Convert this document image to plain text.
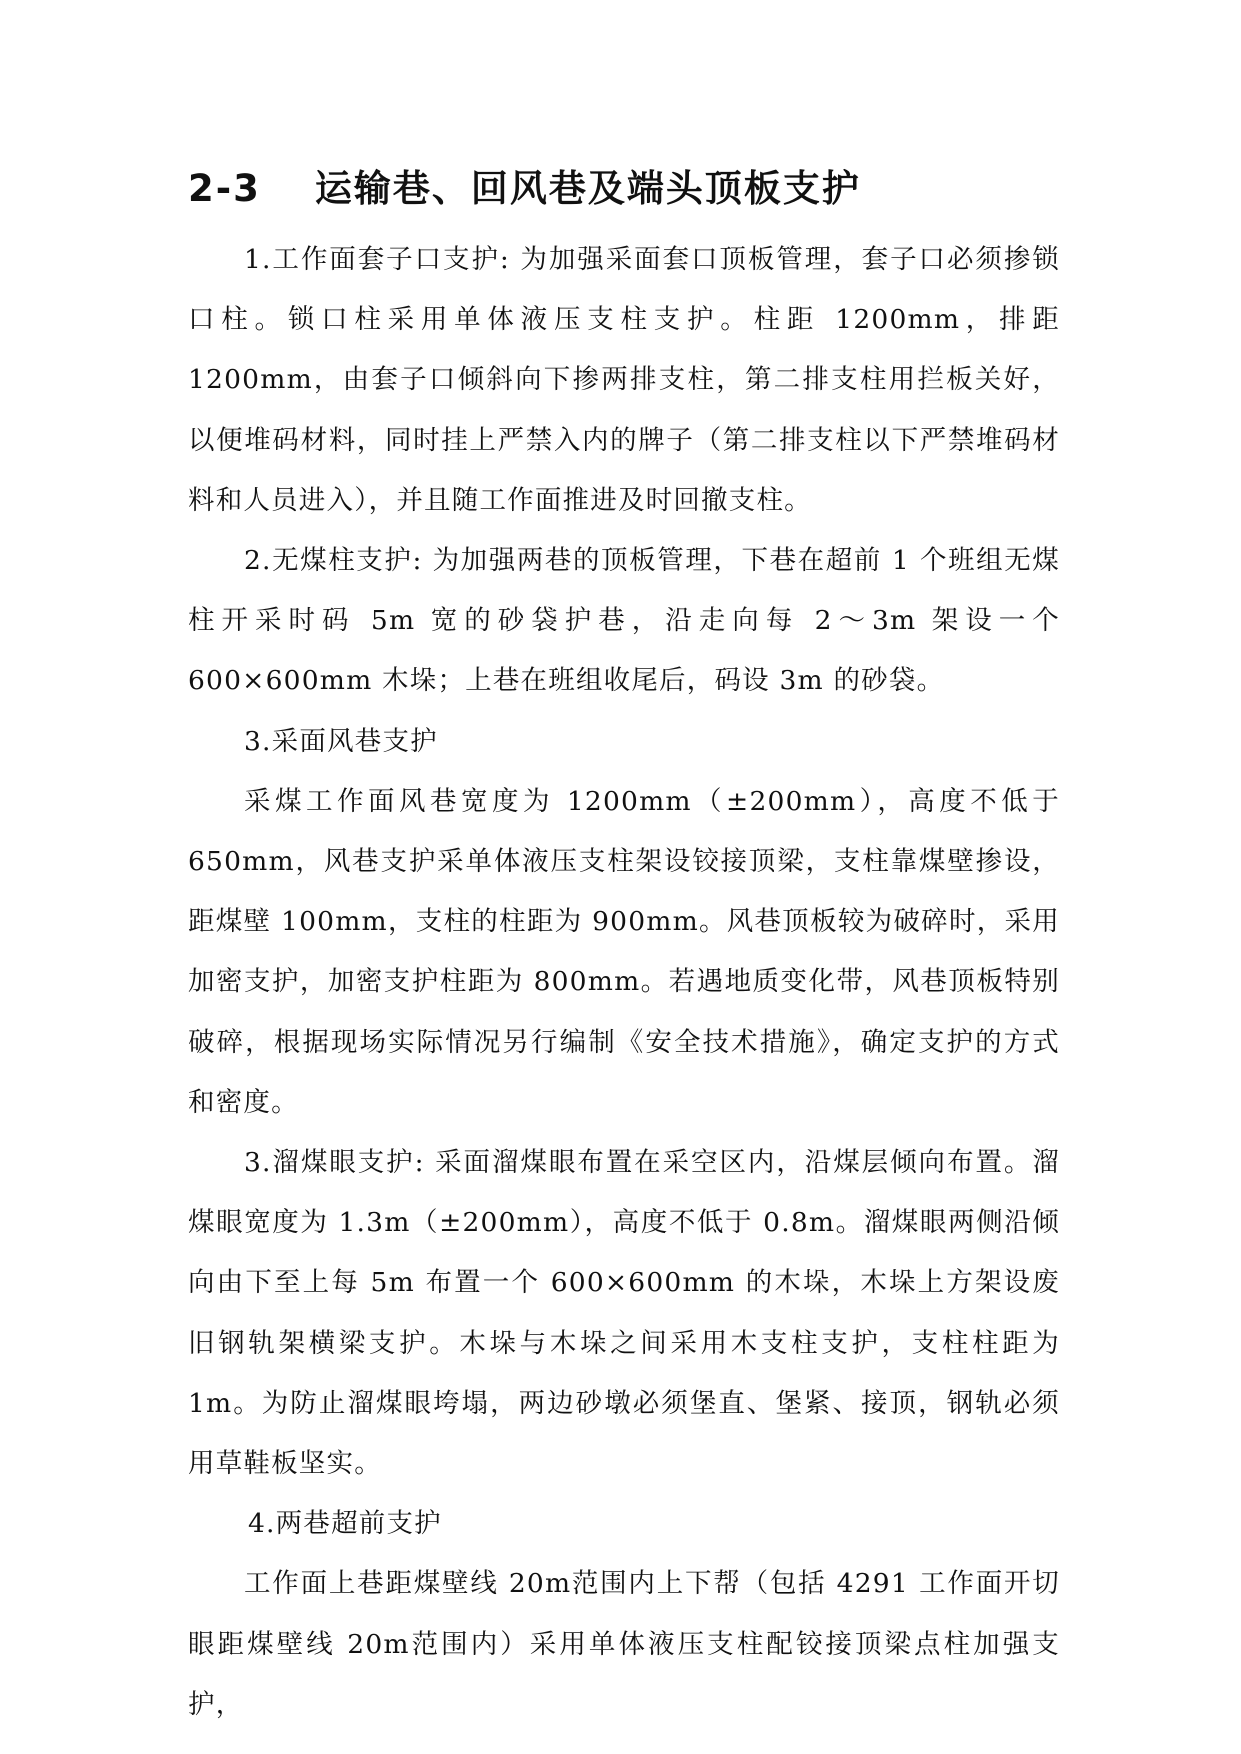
2-3 运输巷、回风巷及端头顶板支护

1.工作面套子口支护: 为加强采面套口顶板管理，套子口必须掺锁口柱。锁口柱采用单体液压支柱支护。柱距 1200mm，排距 1200mm，由套子口倾斜向下掺两排支柱，第二排支柱用拦板关好，以便堆码材料，同时挂上严禁入内的牌子（第二排支柱以下严禁堆码材料和人员进入），并且随工作面推进及时回撤支柱。

2.无煤柱支护: 为加强两巷的顶板管理，下巷在超前 1 个班组无煤柱开采时码 5m 宽的砂袋护巷，沿走向每 2～3m 架设一个 600×600mm 木垛；上巷在班组收尾后，码设 3m 的砂袋。

3.采面风巷支护

采煤工作面风巷宽度为 1200mm（±200mm），高度不低于 650mm，风巷支护采单体液压支柱架设铰接顶梁，支柱靠煤壁掺设，距煤壁 100mm，支柱的柱距为 900mm。风巷顶板较为破碎时，采用加密支护，加密支护柱距为 800mm。若遇地质变化带，风巷顶板特别破碎，根据现场实际情况另行编制《安全技术措施》，确定支护的方式和密度。

3.溜煤眼支护: 采面溜煤眼布置在采空区内，沿煤层倾向布置。溜煤眼宽度为 1.3m（±200mm），高度不低于 0.8m。溜煤眼两侧沿倾向由下至上每 5m 布置一个 600×600mm 的木垛，木垛上方架设废旧钢轨架横梁支护。木垛与木垛之间采用木支柱支护，支柱柱距为 1m。为防止溜煤眼垮塌，两边砂墩必须堡直、堡紧、接顶，钢轨必须用草鞋板坚实。

4.两巷超前支护

工作面上巷距煤壁线 20m范围内上下帮（包括 4291 工作面开切眼距煤壁线 20m范围内）采用单体液压支柱配铰接顶梁点柱加强支护，
